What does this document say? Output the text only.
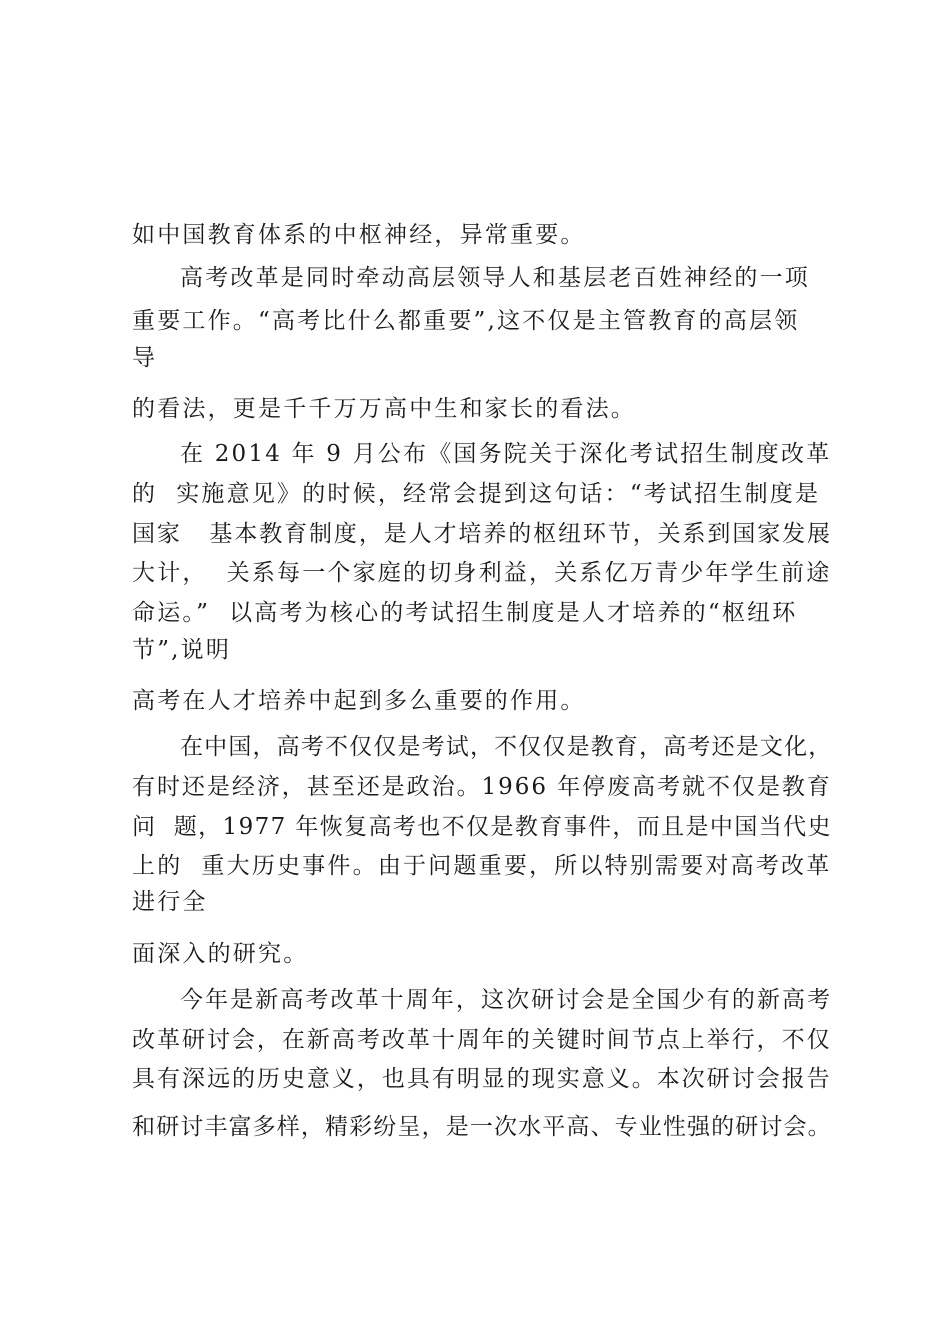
如中国教育体系的中枢神经，异常重要。

高考改革是同时牵动高层领导人和基层老百姓神经的一项

重要工作。“高考比什么都重要”,这不仅是主管教育的高层领

导

的看法，更是千千万万高中生和家长的看法。

在 2014 年 9 月公布《国务院关于深化考试招生制度改革

的  实施意见》的时候，经常会提到这句话：“考试招生制度是

国家   基本教育制度，是人才培养的枢纽环节，关系到国家发展

大计，  关系每一个家庭的切身利益，关系亿万青少年学生前途

命运。”  以高考为核心的考试招生制度是人才培养的“枢纽环

节”,说明

高考在人才培养中起到多么重要的作用。

在中国，高考不仅仅是考试，不仅仅是教育，高考还是文化，

有时还是经济，甚至还是政治。1966 年停废高考就不仅是教育

问  题，1977 年恢复高考也不仅是教育事件，而且是中国当代史

上的  重大历史事件。由于问题重要，所以特别需要对高考改革

进行全

面深入的研究。

今年是新高考改革十周年，这次研讨会是全国少有的新高考

改革研讨会，在新高考改革十周年的关键时间节点上举行，不仅

具有深远的历史意义，也具有明显的现实意义。本次研讨会报告

和研讨丰富多样，精彩纷呈，是一次水平高、专业性强的研讨会。
